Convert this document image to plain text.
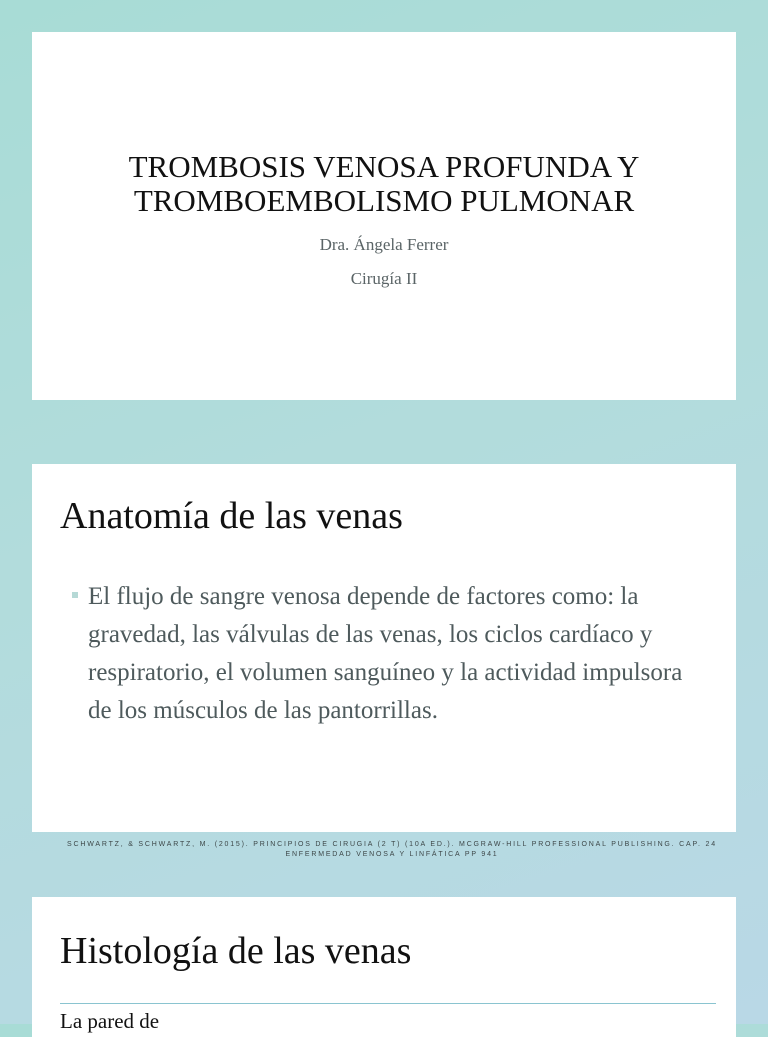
TROMBOSIS VENOSA PROFUNDA Y
TROMBOEMBOLISMO PULMONAR

Dra. Ángela Ferrer

Cirugía II

Anatomía de las venas
El flujo de sangre venosa depende de factores como: la gravedad, las válvulas de las venas, los ciclos cardíaco y respiratorio, el volumen sanguíneo y la actividad impulsora de los músculos de las pantorrillas.
SCHWARTZ, & SCHWARTZ, M. (2015). PRINCIPIOS DE CIRUGIA (2 T) (10A ED.). MCGRAW-HILL PROFESSIONAL PUBLISHING. CAP. 24 ENFERMEDAD VENOSA Y LINFÁTICA PP 941
Histología de las venas
La pared de
